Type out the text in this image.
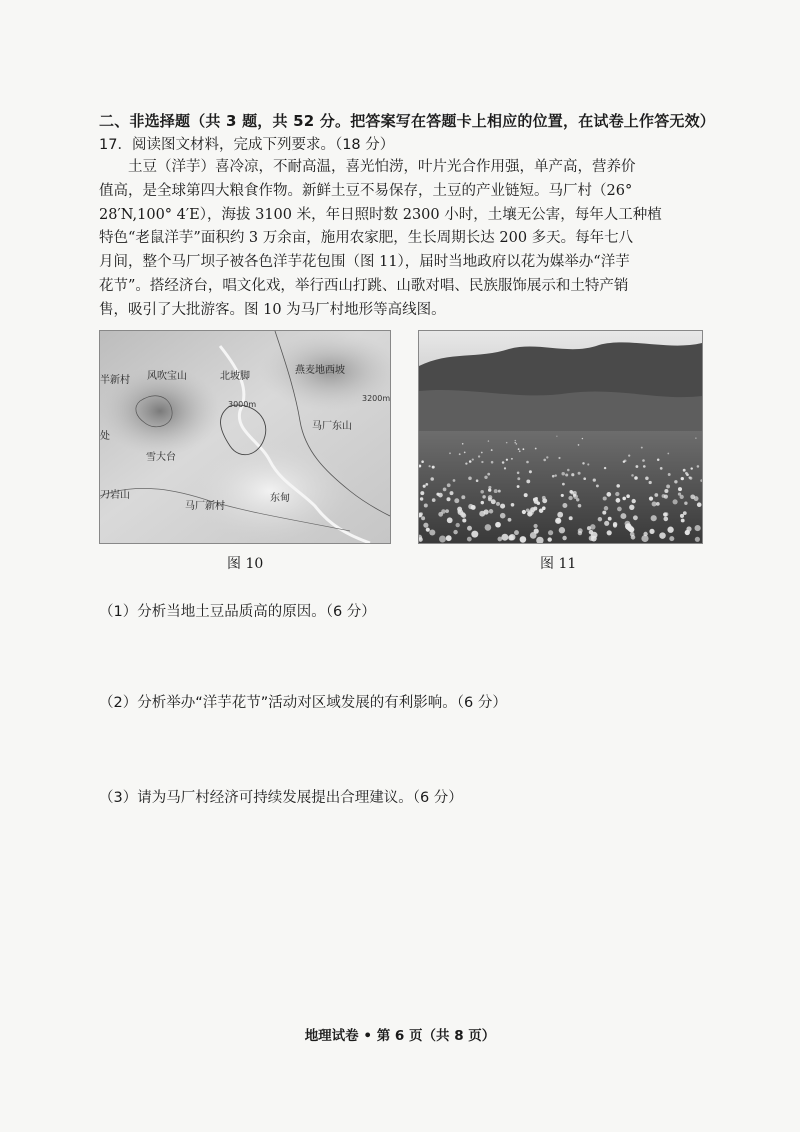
二、非选择题（共 3 题，共 52 分。把答案写在答题卡上相应的位置，在试卷上作答无效）
17．阅读图文材料，完成下列要求。（18 分）
土豆（洋芋）喜冷凉，不耐高温，喜光怕涝，叶片光合作用强，单产高，营养价
值高，是全球第四大粮食作物。新鲜土豆不易保存，土豆的产业链短。马厂村（26°
28′N,100° 4′E），海拔 3100 米，年日照时数 2300 小时，土壤无公害，每年人工种植
特色“老鼠洋芋”面积约 3 万余亩，施用农家肥，生长周期长达 200 多天。每年七八
月间，整个马厂坝子被各色洋芋花包围（图 11），届时当地政府以花为媒举办“洋芋
花节”。搭经济台，唱文化戏，举行西山打跳、山歌对唱、民族服饰展示和土特产销
售，吸引了大批游客。图 10 为马厂村地形等高线图。
半新村 风吹宝山	北坡脚
燕麦地西坡
3200m
3000m
马厂东山
处
雪大台
刀岩山
马厂新村
东甸
图 10	图 11
（1）分析当地土豆品质高的原因。（6 分）
（2）分析举办“洋芋花节”活动对区域发展的有利影响。（6 分）
（3）请为马厂村经济可持续发展提出合理建议。（6 分）
地理试卷 • 第 6 页（共 8 页）
